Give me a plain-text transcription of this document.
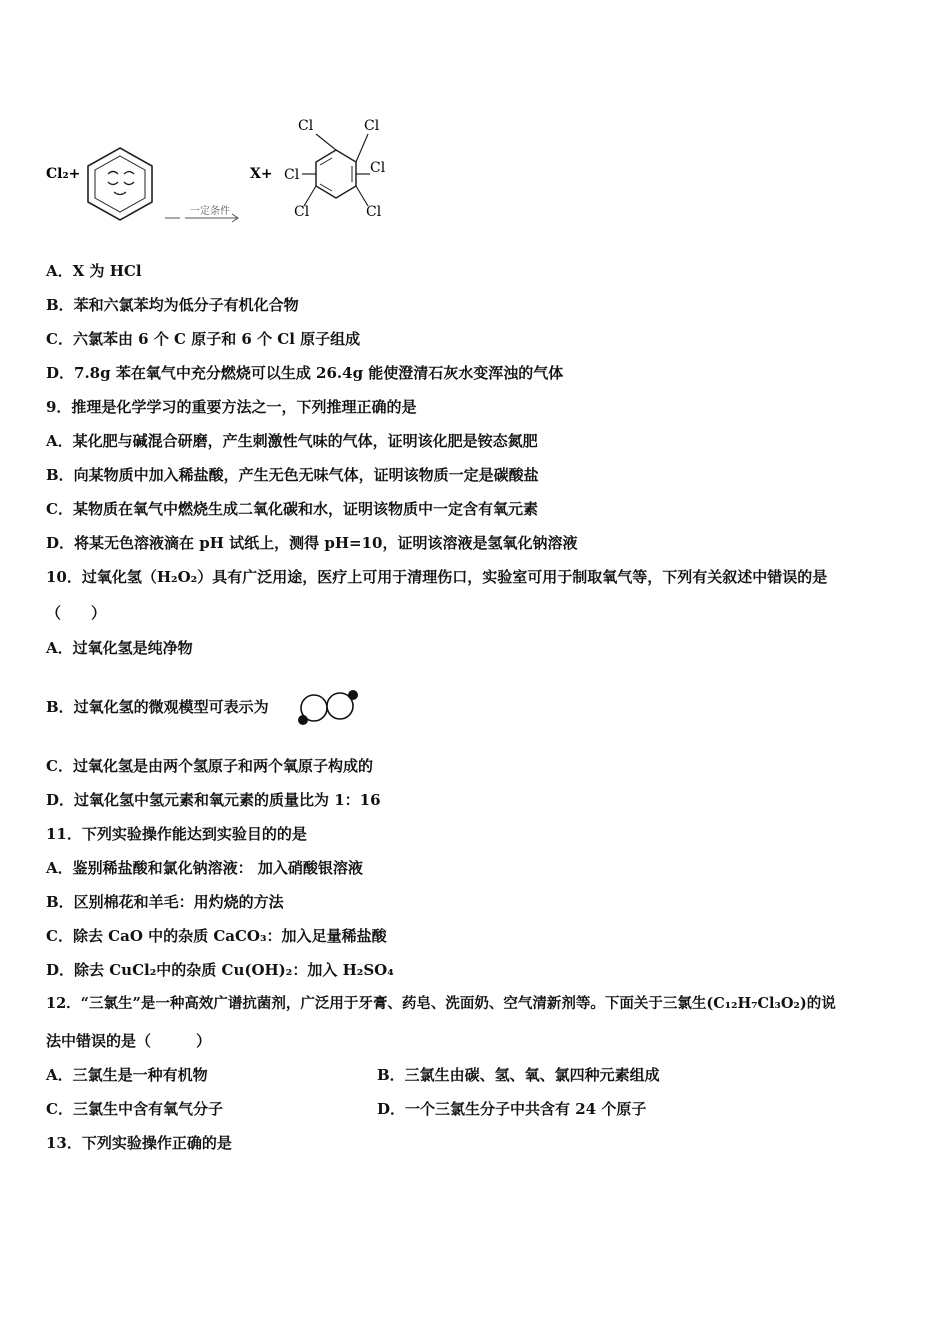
Cl₂+
一定条件
X+
Cl	Cl
Cl	Cl
Cl	Cl
A．X 为 HCl
B．苯和六氯苯均为低分子有机化合物
C．六氯苯由 6 个 C 原子和 6 个 Cl 原子组成
D．7.8g 苯在氧气中充分燃烧可以生成 26.4g 能使澄清石灰水变浑浊的气体
9．推理是化学学习的重要方法之一，下列推理正确的是
A．某化肥与碱混合研磨，产生刺激性气味的气体，证明该化肥是铵态氮肥
B．向某物质中加入稀盐酸，产生无色无味气体，证明该物质一定是碳酸盐
C．某物质在氧气中燃烧生成二氧化碳和水，证明该物质中一定含有氧元素
D．将某无色溶液滴在 pH 试纸上，测得 pH=10，证明该溶液是氢氧化钠溶液
10．过氧化氢（H₂O₂）具有广泛用途，医疗上可用于清理伤口，实验室可用于制取氧气等，下列有关叙述中错误的是
（　　）
A．过氧化氢是纯净物
B．过氧化氢的微观模型可表示为
C．过氧化氢是由两个氢原子和两个氧原子构成的
D．过氧化氢中氢元素和氧元素的质量比为 1：16
11．下列实验操作能达到实验目的的是
A．鉴别稀盐酸和氯化钠溶液： 加入硝酸银溶液
B．区别棉花和羊毛：用灼烧的方法
C．除去 CaO 中的杂质 CaCO₃：加入足量稀盐酸
D．除去 CuCl₂中的杂质 Cu(OH)₂：加入 H₂SO₄
12．“三氯生”是一种高效广谱抗菌剂，广泛用于牙膏、药皂、洗面奶、空气清新剂等。下面关于三氯生(C₁₂H₇Cl₃O₂)的说
法中错误的是（　　　）
A．三氯生是一种有机物	B．三氯生由碳、氢、氧、氯四种元素组成
C．三氯生中含有氧气分子	D．一个三氯生分子中共含有 24 个原子
13．下列实验操作正确的是
